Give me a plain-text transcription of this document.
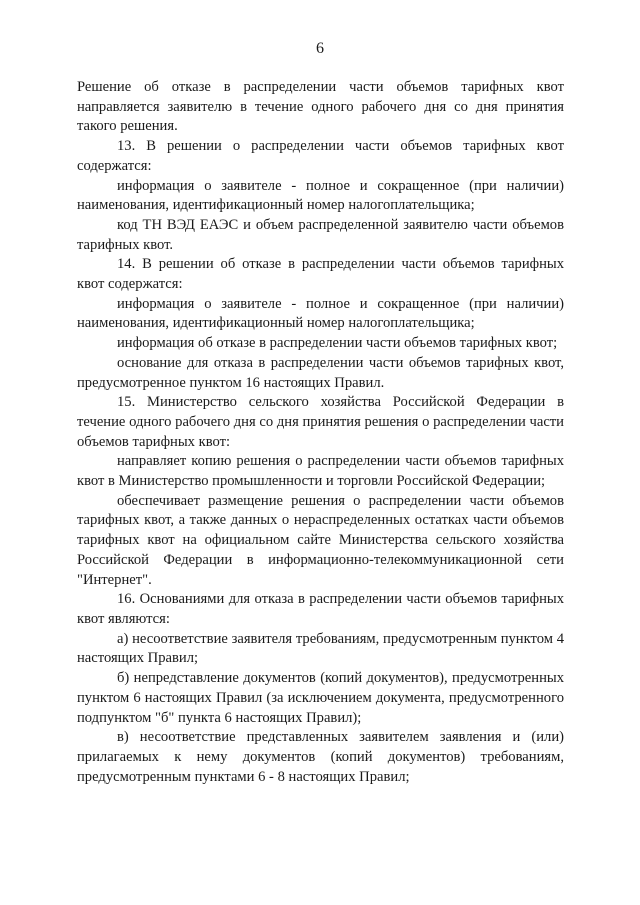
6

Решение об отказе в распределении части объемов тарифных квот направляется заявителю в течение одного рабочего дня со дня принятия такого решения.

13. В решении о распределении части объемов тарифных квот содержатся:

информация о заявителе - полное и сокращенное (при наличии) наименования, идентификационный номер налогоплательщика;

код ТН ВЭД ЕАЭС и объем распределенной заявителю части объемов тарифных квот.

14. В решении об отказе в распределении части объемов тарифных квот содержатся:

информация о заявителе - полное и сокращенное (при наличии) наименования, идентификационный номер налогоплательщика;

информация об отказе в распределении части объемов тарифных квот;

основание для отказа в распределении части объемов тарифных квот, предусмотренное пунктом 16 настоящих Правил.

15. Министерство сельского хозяйства Российской Федерации в течение одного рабочего дня со дня принятия решения о распределении части объемов тарифных квот:

направляет копию решения о распределении части объемов тарифных квот в Министерство промышленности и торговли Российской Федерации;

обеспечивает размещение решения о распределении части объемов тарифных квот, а также данных о нераспределенных остатках части объемов тарифных квот на официальном сайте Министерства сельского хозяйства Российской Федерации в информационно-телекоммуникационной сети "Интернет".

16. Основаниями для отказа в распределении части объемов тарифных квот являются:

а) несоответствие заявителя требованиям, предусмотренным пунктом 4 настоящих Правил;

б) непредставление документов (копий документов), предусмотренных пунктом 6 настоящих Правил (за исключением документа, предусмотренного подпунктом "б" пункта 6 настоящих Правил);

в) несоответствие представленных заявителем заявления и (или) прилагаемых к нему документов (копий документов) требованиям, предусмотренным пунктами 6 - 8 настоящих Правил;
